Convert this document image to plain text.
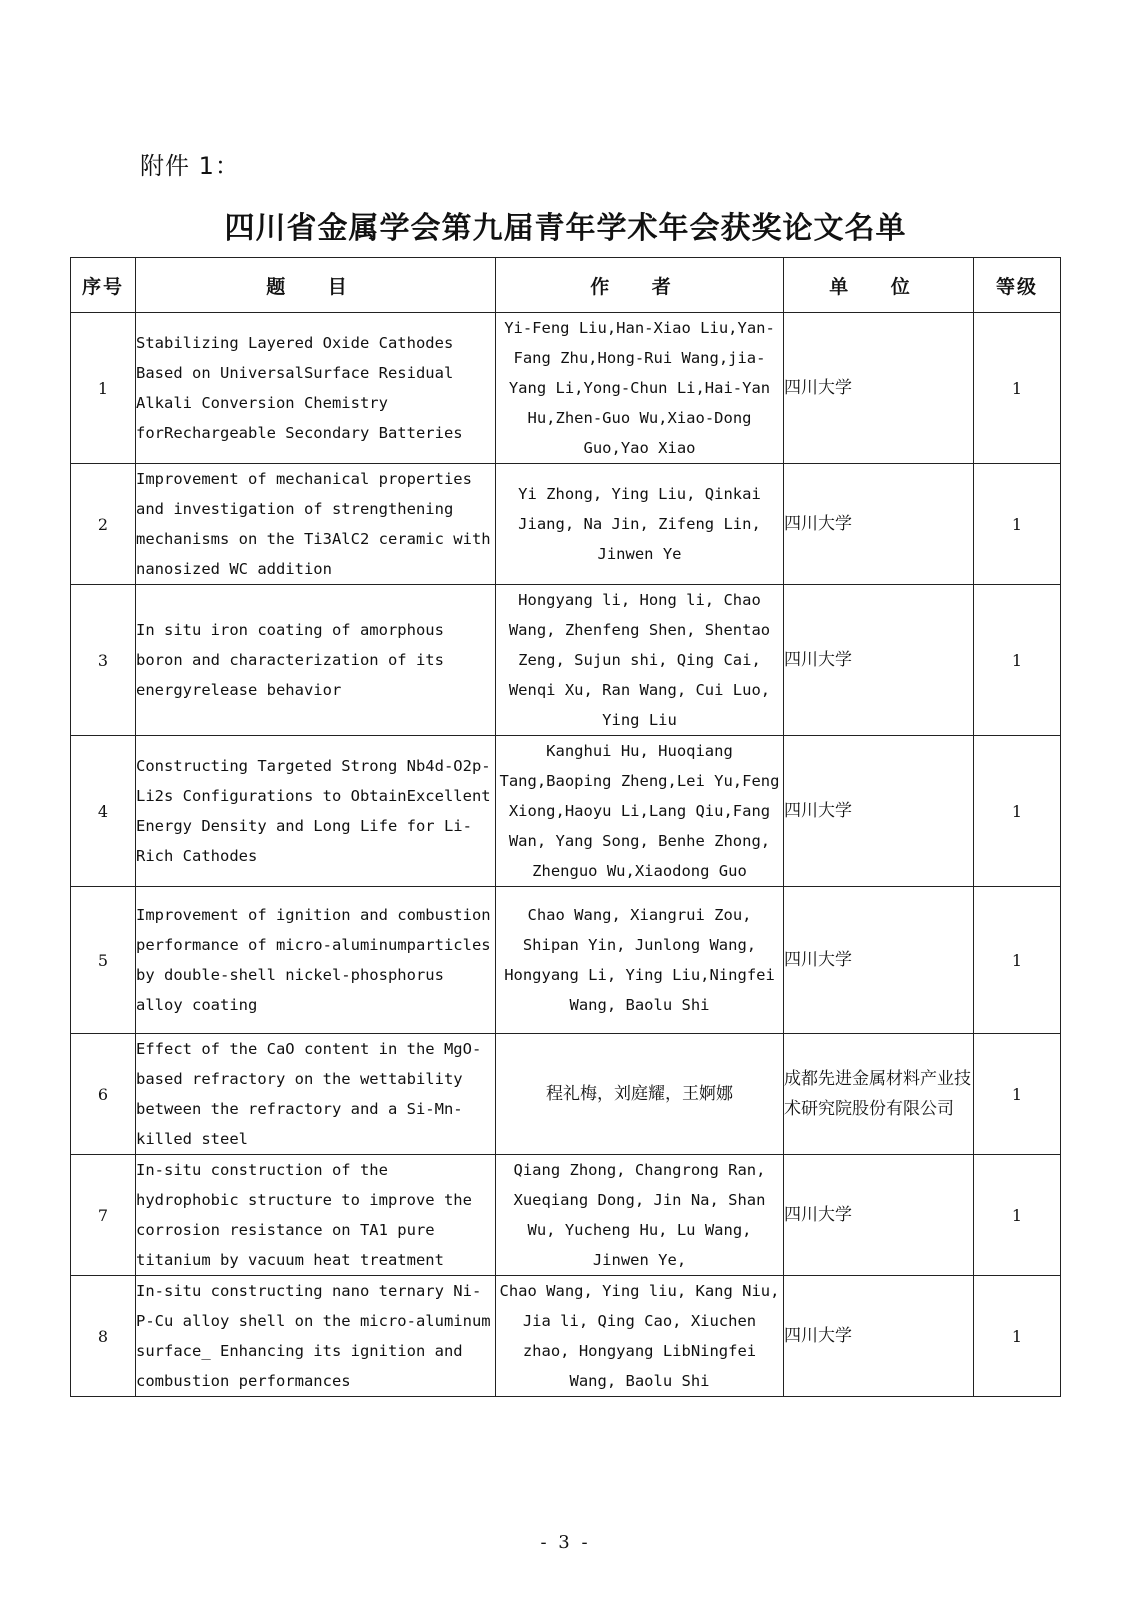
附件 1：
四川省金属学会第九届青年学术年会获奖论文名单
序号	题 目	作 者	单 位	等级
1	Stabilizing Layered Oxide Cathodes Based on UniversalSurface Residual Alkali Conversion Chemistry forRechargeable Secondary Batteries	Yi-Feng Liu,Han-Xiao Liu,Yan-Fang Zhu,Hong-Rui Wang,jia-Yang Li,Yong-Chun Li,Hai-Yan Hu,Zhen-Guo Wu,Xiao-Dong Guo,Yao Xiao	四川大学	1
2	Improvement of mechanical properties and investigation of strengthening mechanisms on the Ti3AlC2 ceramic with nanosized WC addition	Yi Zhong, Ying Liu, Qinkai Jiang, Na Jin, Zifeng Lin, Jinwen Ye	四川大学	1
3	In situ iron coating of amorphous boron and characterization of its energyrelease behavior	Hongyang li, Hong li, Chao Wang, Zhenfeng Shen, Shentao Zeng, Sujun shi, Qing Cai, Wenqi Xu, Ran Wang, Cui Luo, Ying Liu	四川大学	1
4	Constructing Targeted Strong Nb4d-O2p-Li2s Configurations to ObtainExcellent Energy Density and Long Life for Li-Rich Cathodes	Kanghui Hu, Huoqiang Tang,Baoping Zheng,Lei Yu,Feng Xiong,Haoyu Li,Lang Qiu,Fang Wan, Yang Song, Benhe Zhong, Zhenguo Wu,Xiaodong Guo	四川大学	1
5	Improvement of ignition and combustion performance of micro-aluminumparticles by double-shell nickel-phosphorus alloy coating	Chao Wang, Xiangrui Zou, Shipan Yin, Junlong Wang, Hongyang Li, Ying Liu,Ningfei Wang, Baolu Shi	四川大学	1
6	Effect of the CaO content in the MgO-based refractory on the wettability between the refractory and a Si-Mn-killed steel	程礼梅，刘庭耀，王婀娜	成都先进金属材料产业技术研究院股份有限公司	1
7	In-situ construction of the hydrophobic structure to improve the corrosion resistance on TA1 pure titanium by vacuum heat treatment	Qiang Zhong, Changrong Ran, Xueqiang Dong, Jin Na, Shan Wu, Yucheng Hu, Lu Wang, Jinwen Ye,	四川大学	1
8	In-situ constructing nano ternary Ni-P-Cu alloy shell on the micro-aluminum surface_ Enhancing its ignition and combustion performances	Chao Wang, Ying liu, Kang Niu, Jia li, Qing Cao, Xiuchen zhao, Hongyang LibNingfei Wang, Baolu Shi	四川大学	1
- 3 -
